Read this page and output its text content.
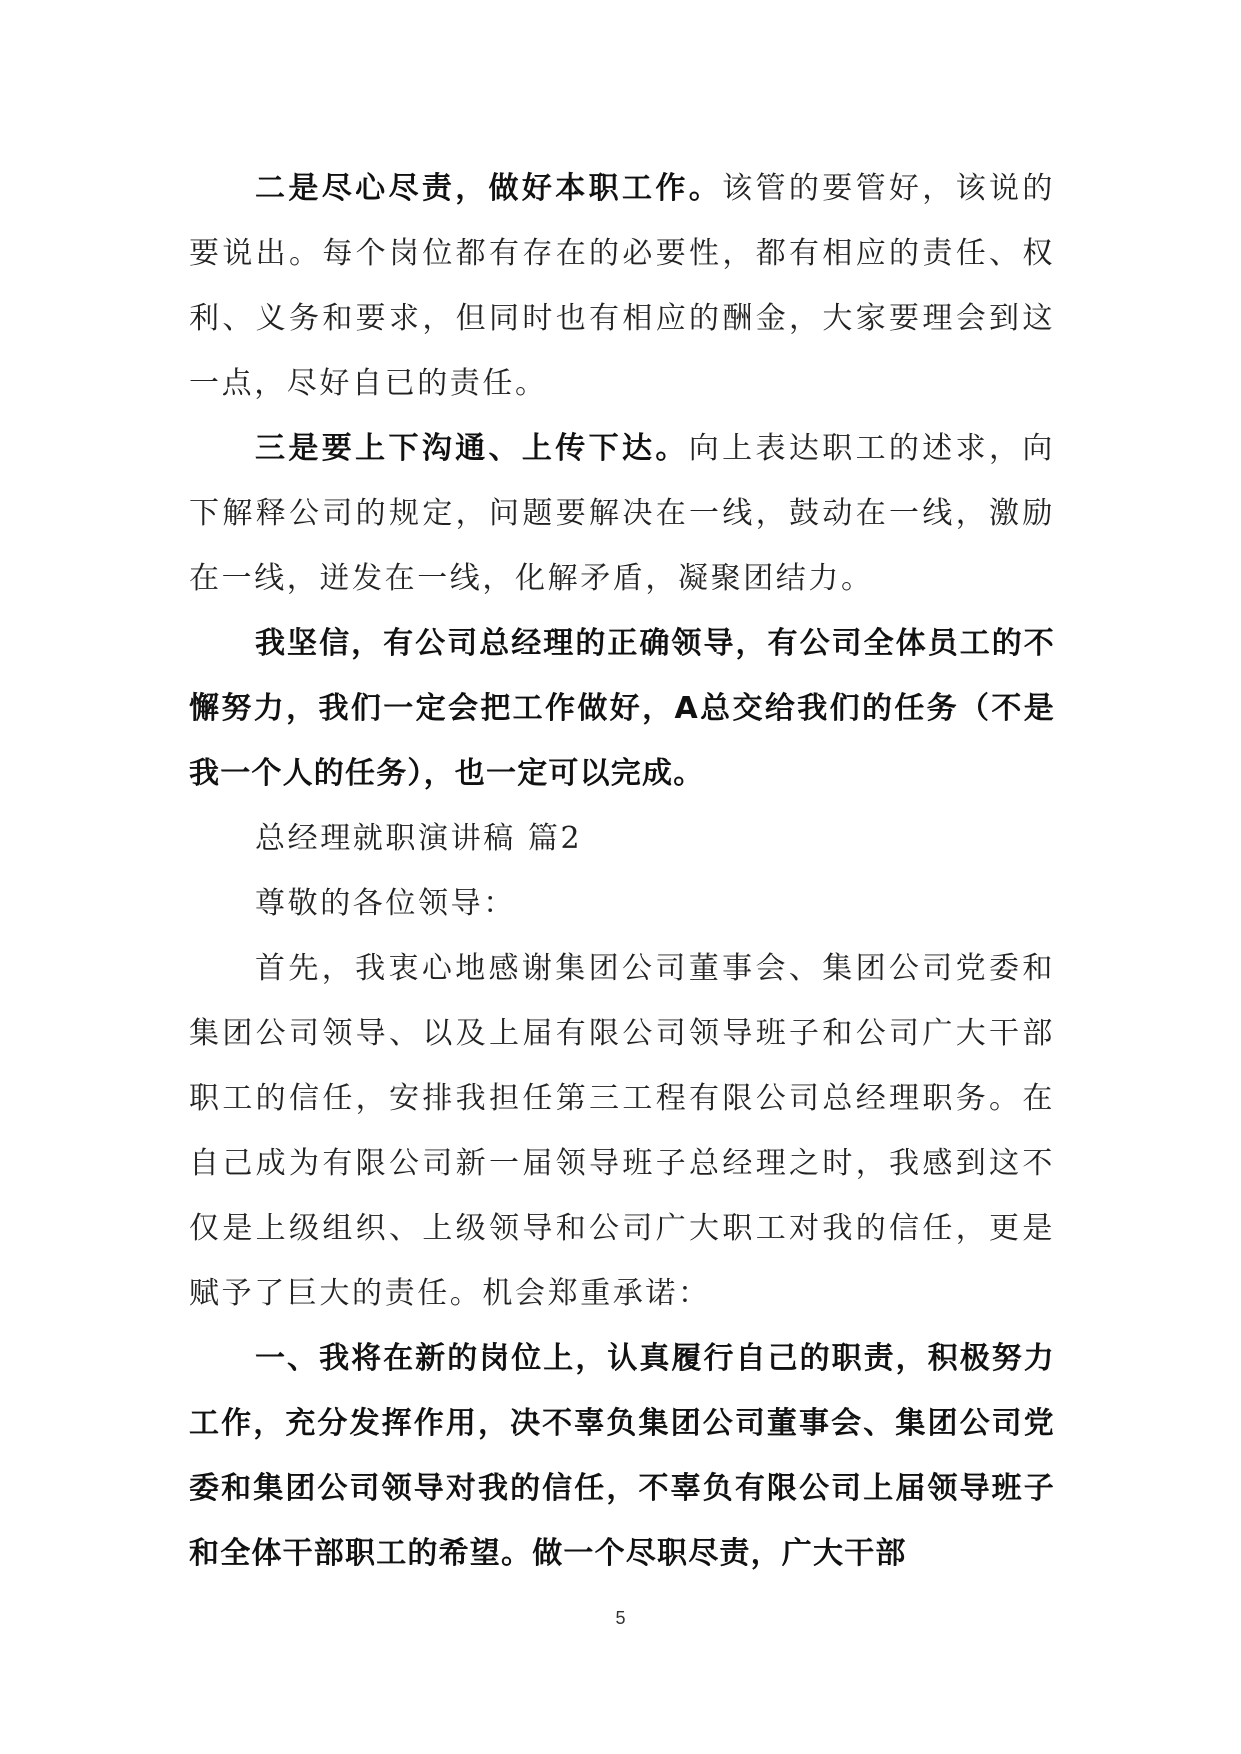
二是尽心尽责，做好本职工作。该管的要管好，该说的要说出。每个岗位都有存在的必要性，都有相应的责任、权利、义务和要求，但同时也有相应的酬金，大家要理会到这一点，尽好自已的责任。

三是要上下沟通、上传下达。向上表达职工的述求，向下解释公司的规定，问题要解决在一线，鼓动在一线，激励在一线，迸发在一线，化解矛盾，凝聚团结力。

我坚信，有公司总经理的正确领导，有公司全体员工的不懈努力，我们一定会把工作做好，A总交给我们的任务（不是我一个人的任务），也一定可以完成。

总经理就职演讲稿 篇2

尊敬的各位领导：

首先，我衷心地感谢集团公司董事会、集团公司党委和集团公司领导、以及上届有限公司领导班子和公司广大干部职工的信任，安排我担任第三工程有限公司总经理职务。在自己成为有限公司新一届领导班子总经理之时，我感到这不仅是上级组织、上级领导和公司广大职工对我的信任，更是赋予了巨大的责任。机会郑重承诺：

一、我将在新的岗位上，认真履行自己的职责，积极努力工作，充分发挥作用，决不辜负集团公司董事会、集团公司党委和集团公司领导对我的信任，不辜负有限公司上届领导班子和全体干部职工的希望。做一个尽职尽责，广大干部

5
